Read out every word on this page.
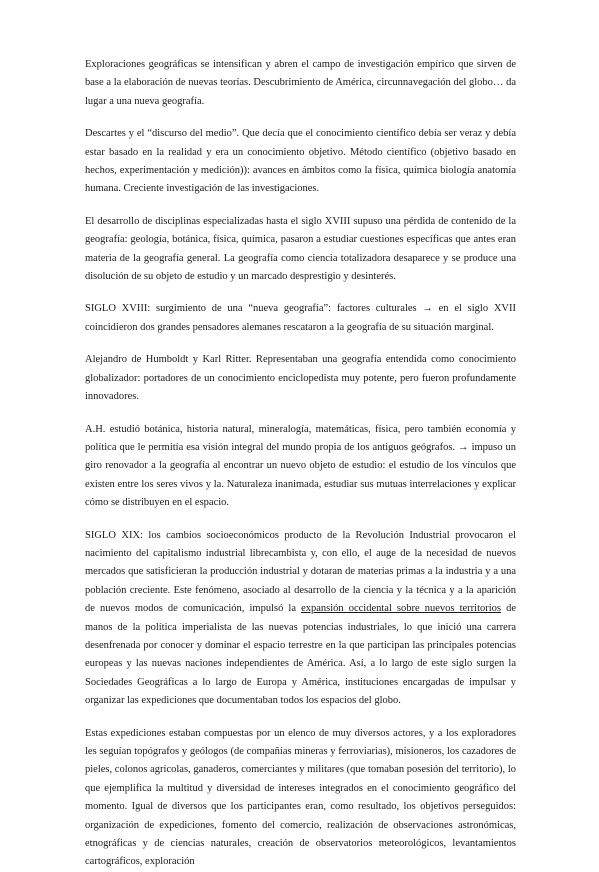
Exploraciones geográficas se intensifican y abren el campo de investigación empírico que sirven de base a la elaboración de nuevas teorías. Descubrimiento de América, circunnavegación del globo… da lugar a una nueva geografía.

Descartes y el “discurso del medio”. Que decía que el conocimiento científico debía ser veraz y debía estar basado en la realidad y era un conocimiento objetivo. Método científico (objetivo basado en hechos, experimentación y medición)): avances en ámbitos como la física, química biología anatomía humana. Creciente investigación de las investigaciones.

El desarrollo de disciplinas especializadas hasta el siglo XVIII supuso una pérdida de contenido de la geografía: geología, botánica, física, química, pasaron a estudiar cuestiones específicas que antes eran materia de la geografía general. La geografía como ciencia totalizadora desaparece y se produce una disolución de su objeto de estudio y un marcado desprestigio y desinterés.

SIGLO XVIII: surgimiento de una “nueva geografía”: factores culturales → en el siglo XVII coincidieron dos grandes pensadores alemanes rescataron a la geografía de su situación marginal.

Alejandro de Humboldt y Karl Ritter. Representaban una geografía entendida como conocimiento globalizador: portadores de un conocimiento enciclopedista muy potente, pero fueron profundamente innovadores.

A.H. estudió botánica, historia natural, mineralogía, matemáticas, física, pero también economía y política que le permitía esa visión integral del mundo propia de los antiguos geógrafos. → impuso un giro renovador a la geografía al encontrar un nuevo objeto de estudio: el estudio de los vínculos que existen entre los seres vivos y la. Naturaleza inanimada, estudiar sus mutuas interrelaciones y explicar cómo se distribuyen en el espacio.

SIGLO XIX: los cambios socioeconómicos producto de la Revolución Industrial provocaron el nacimiento del capitalismo industrial librecambista y, con ello, el auge de la necesidad de nuevos mercados que satisficieran la producción industrial y dotaran de materias primas a la industria y a una población creciente. Este fenómeno, asociado al desarrollo de la ciencia y la técnica y a la aparición de nuevos modos de comunicación, impulsó la expansión occidental sobre nuevos territorios de manos de la política imperialista de las nuevas potencias industriales, lo que inició una carrera desenfrenada por conocer y dominar el espacio terrestre en la que participan las principales potencias europeas y las nuevas naciones independientes de América. Así, a lo largo de este siglo surgen la Sociedades Geográficas a lo largo de Europa y América, instituciones encargadas de impulsar y organizar las expediciones que documentaban todos los espacios del globo.

Estas expediciones estaban compuestas por un elenco de muy diversos actores, y a los exploradores les seguían topógrafos y geólogos (de compañías mineras y ferroviarias), misioneros, los cazadores de pieles, colonos agrícolas, ganaderos, comerciantes y militares (que tomaban posesión del territorio), lo que ejemplifica la multitud y diversidad de intereses integrados en el conocimiento geográfico del momento. Igual de diversos que los participantes eran, como resultado, los objetivos perseguidos: organización de expediciones, fomento del comercio, realización de observaciones astronómicas, etnográficas y de ciencias naturales, creación de observatorios meteorológicos, levantamientos cartográficos, exploración
